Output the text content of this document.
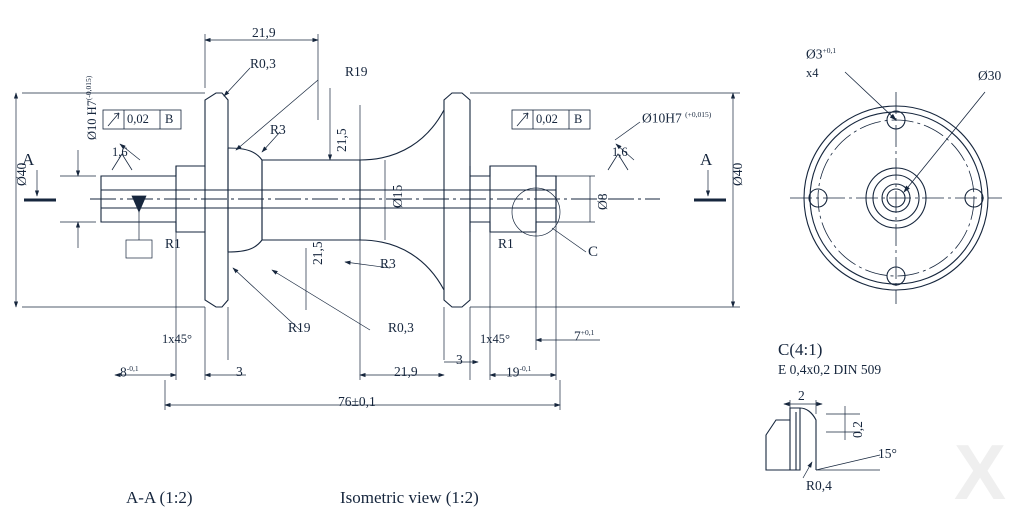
X
21,9
R0,3
R19
R3	21,5
Ø15	Ø8
21,5
Ø40	Ø40
Ø10 $H7^{(-0,015)}$
Ø10H7 $^{(+0,015)}$
1,6	1,6
0,02 B	0,02 B
A	A
R1	R1
R19
R3
R0,3
1x45°	1x45°
$8^{-0,1}$	3	21,9
3
$19^{-0,1}$
$7^{+0,1}$
76±0,1
C
$Ø3^{+0,1}$
x4	Ø30
C(4:1)
E 0,4x0,2 DIN 509
2
0,2
15°
R0,4
A-A (1:2)	Isometric view (1:2)
